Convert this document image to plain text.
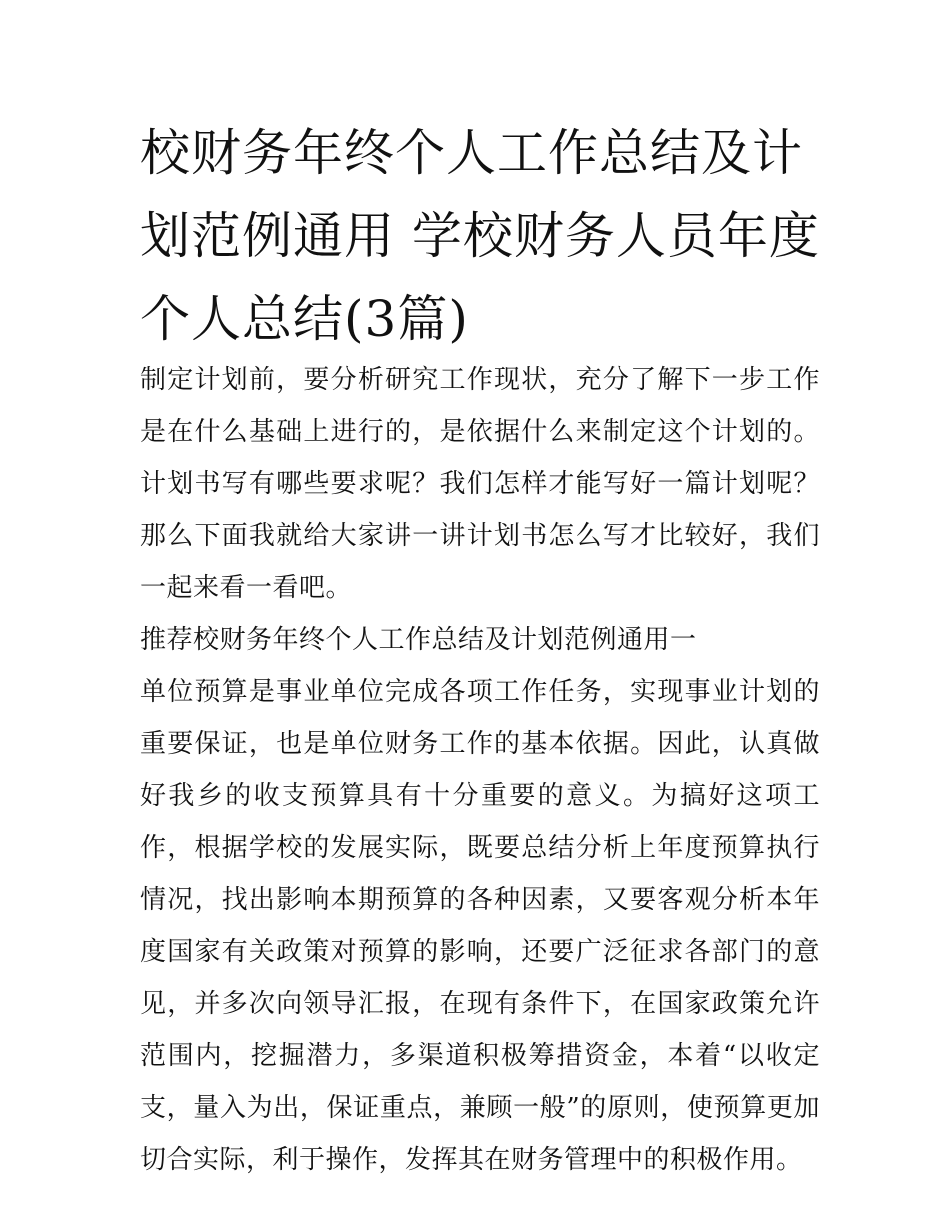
校财务年终个人工作总结及计划范例通用 学校财务人员年度个人总结(3篇)

制定计划前，要分析研究工作现状，充分了解下一步工作是在什么基础上进行的，是依据什么来制定这个计划的。计划书写有哪些要求呢？我们怎样才能写好一篇计划呢？那么下面我就给大家讲一讲计划书怎么写才比较好，我们一起来看一看吧。

推荐校财务年终个人工作总结及计划范例通用一

单位预算是事业单位完成各项工作任务，实现事业计划的重要保证，也是单位财务工作的基本依据。因此，认真做好我乡的收支预算具有十分重要的意义。为搞好这项工作，根据学校的发展实际，既要总结分析上年度预算执行情况，找出影响本期预算的各种因素，又要客观分析本年度国家有关政策对预算的影响，还要广泛征求各部门的意见，并多次向领导汇报，在现有条件下，在国家政策允许范围内，挖掘潜力，多渠道积极筹措资金，本着“以收定支，量入为出，保证重点，兼顾一般”的原则，使预算更加切合实际，利于操作，发挥其在财务管理中的积极作用。
